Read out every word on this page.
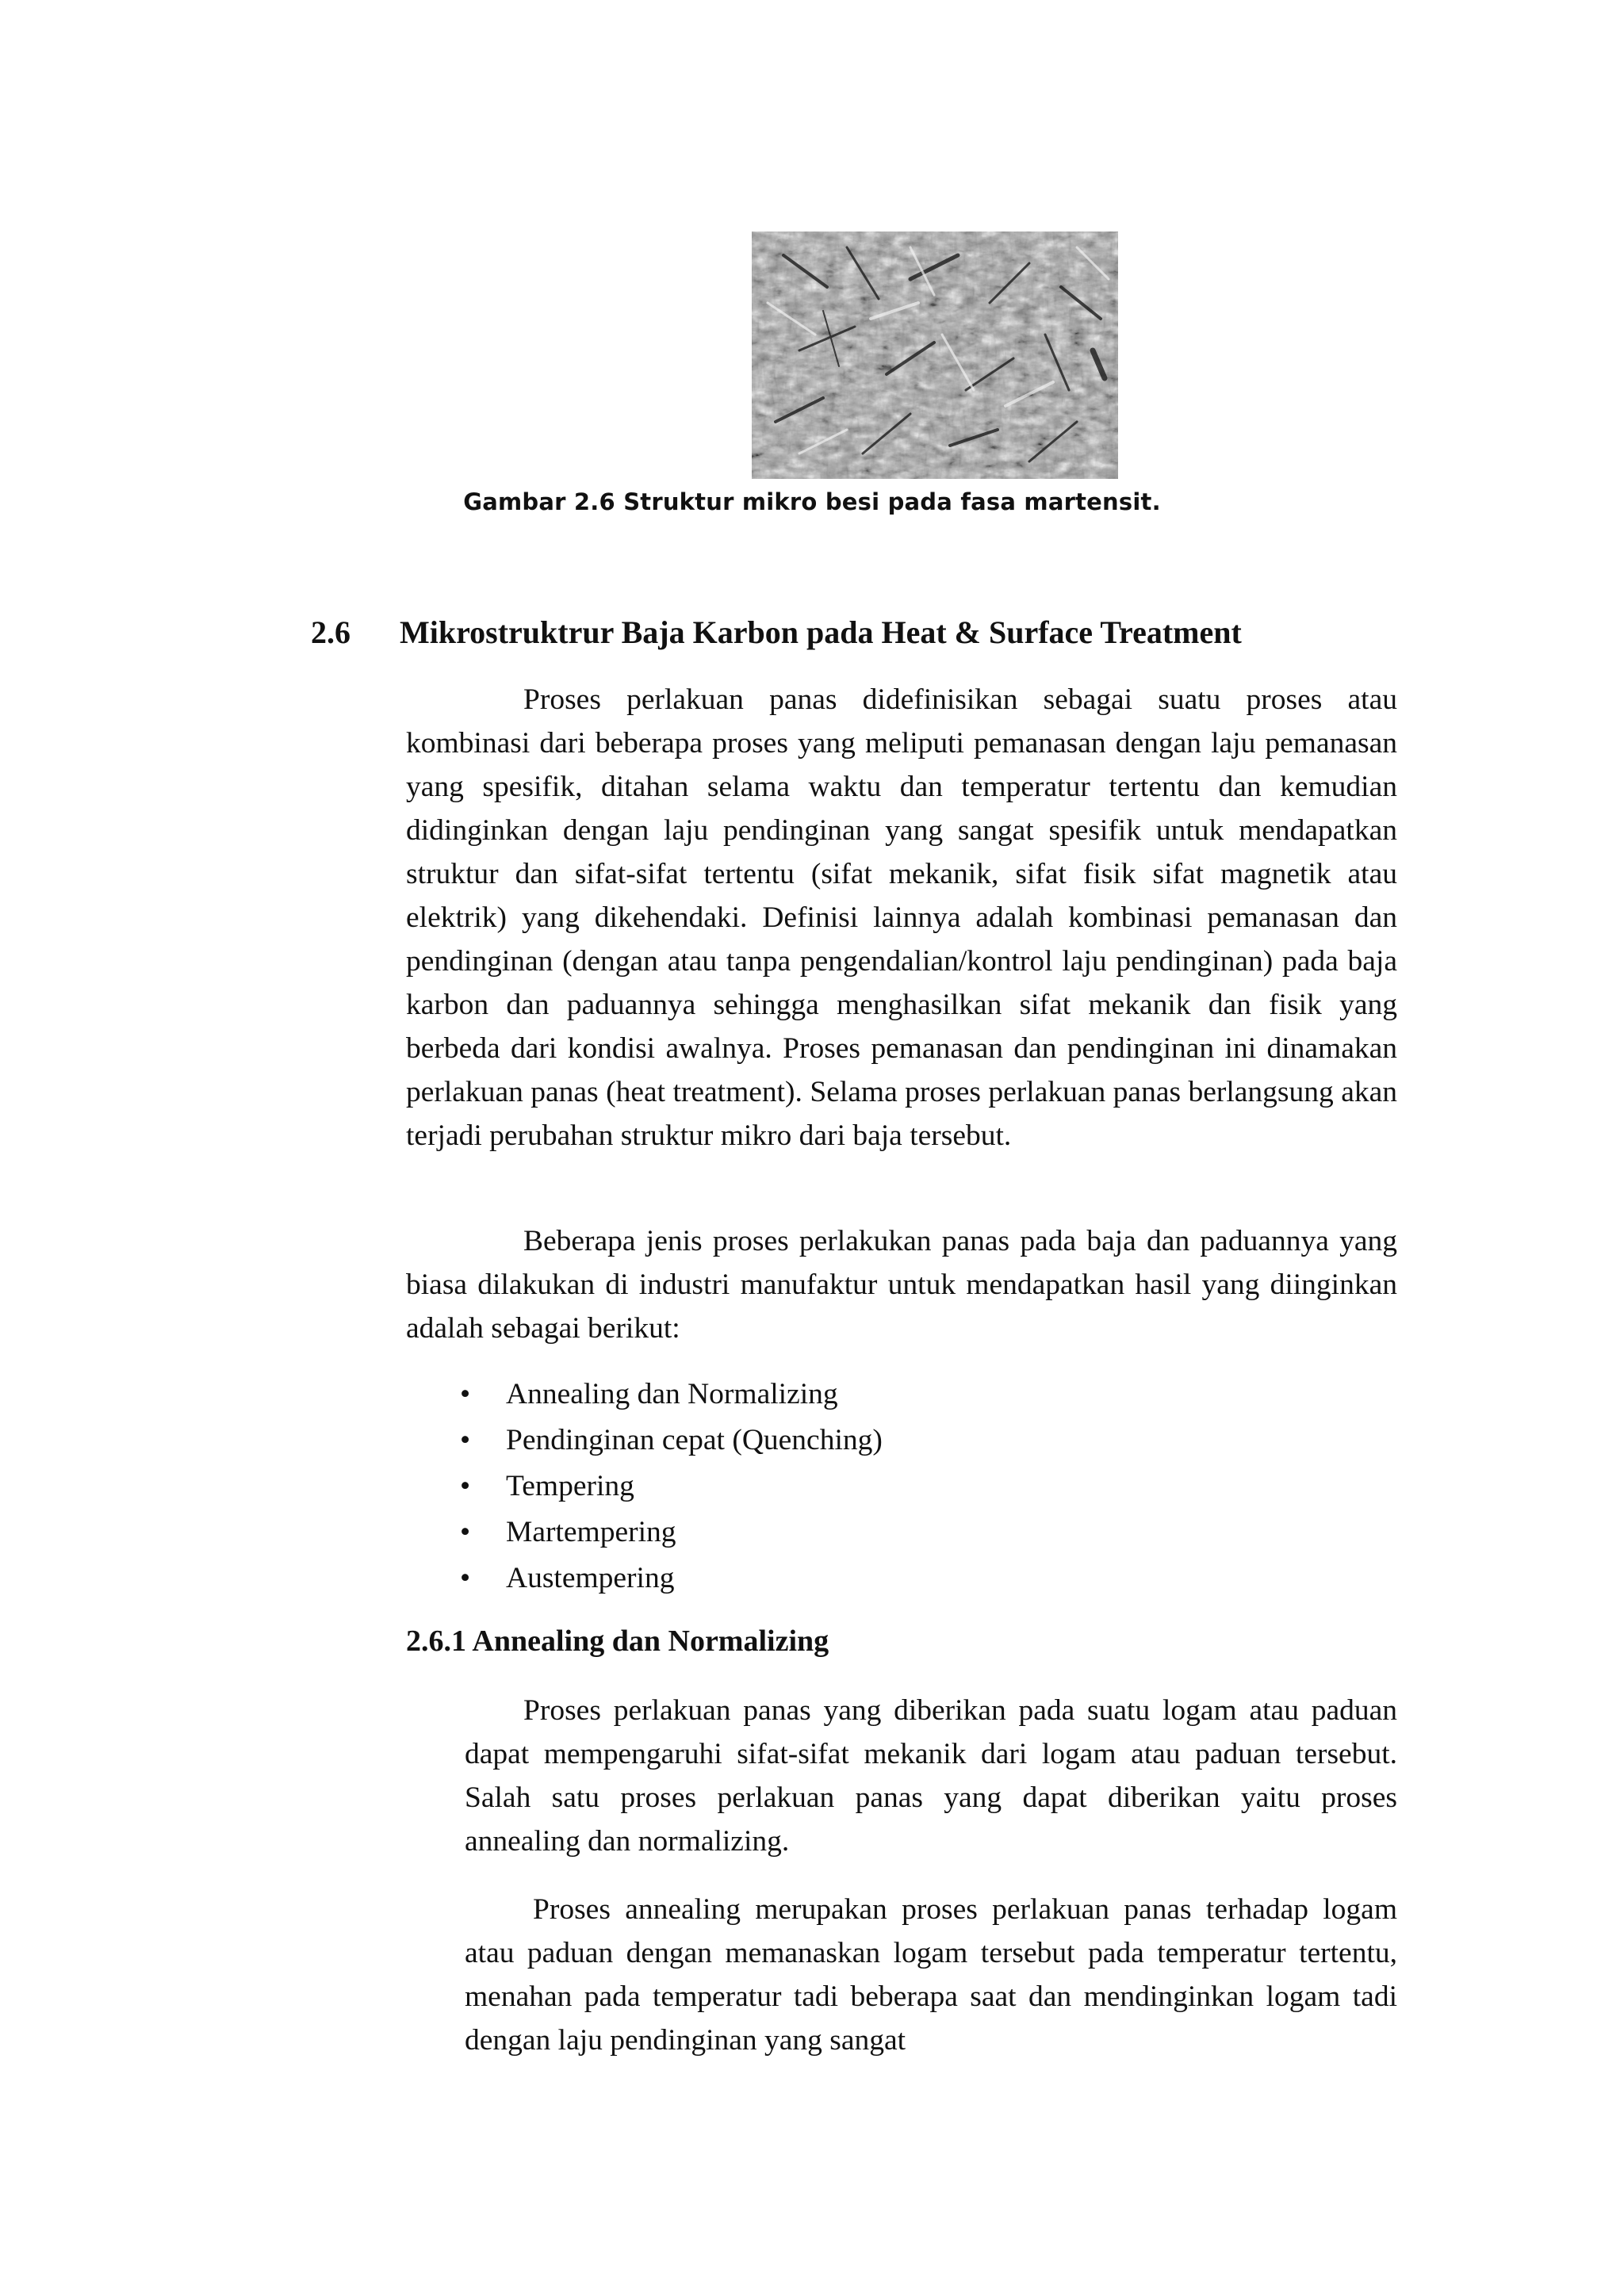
Gambar 2.6 Struktur mikro besi pada fasa martensit.
2.6 Mikrostruktrur Baja Karbon pada Heat & Surface Treatment

Proses perlakuan panas didefinisikan sebagai suatu proses atau kombinasi dari beberapa proses yang meliputi pemanasan dengan laju pemanasan yang spesifik, ditahan selama waktu dan temperatur tertentu dan kemudian didinginkan dengan laju pendinginan yang sangat spesifik untuk mendapatkan struktur dan sifat-sifat tertentu (sifat mekanik, sifat fisik sifat magnetik atau elektrik) yang dikehendaki. Definisi lainnya adalah kombinasi pemanasan dan pendinginan (dengan atau tanpa pengendalian/kontrol laju pendinginan) pada baja karbon dan paduannya sehingga menghasilkan sifat mekanik dan fisik yang berbeda dari kondisi awalnya. Proses pemanasan dan pendinginan ini dinamakan perlakuan panas (heat treatment). Selama proses perlakuan panas berlangsung akan terjadi perubahan struktur mikro dari baja tersebut.

Beberapa jenis proses perlakukan panas pada baja dan paduannya yang biasa dilakukan di industri manufaktur untuk mendapatkan hasil yang diinginkan adalah sebagai berikut:

• Annealing dan Normalizing
• Pendinginan cepat (Quenching)
• Tempering
• Martempering
• Austempering
2.6.1 Annealing dan Normalizing

Proses perlakuan panas yang diberikan pada suatu logam atau paduan dapat mempengaruhi sifat-sifat mekanik dari logam atau paduan tersebut. Salah satu proses perlakuan panas yang dapat diberikan yaitu proses annealing dan normalizing.

Proses annealing merupakan proses perlakuan panas terhadap logam atau paduan dengan memanaskan logam tersebut pada temperatur tertentu, menahan pada temperatur tadi beberapa saat dan mendinginkan logam tadi dengan laju pendinginan yang sangat
